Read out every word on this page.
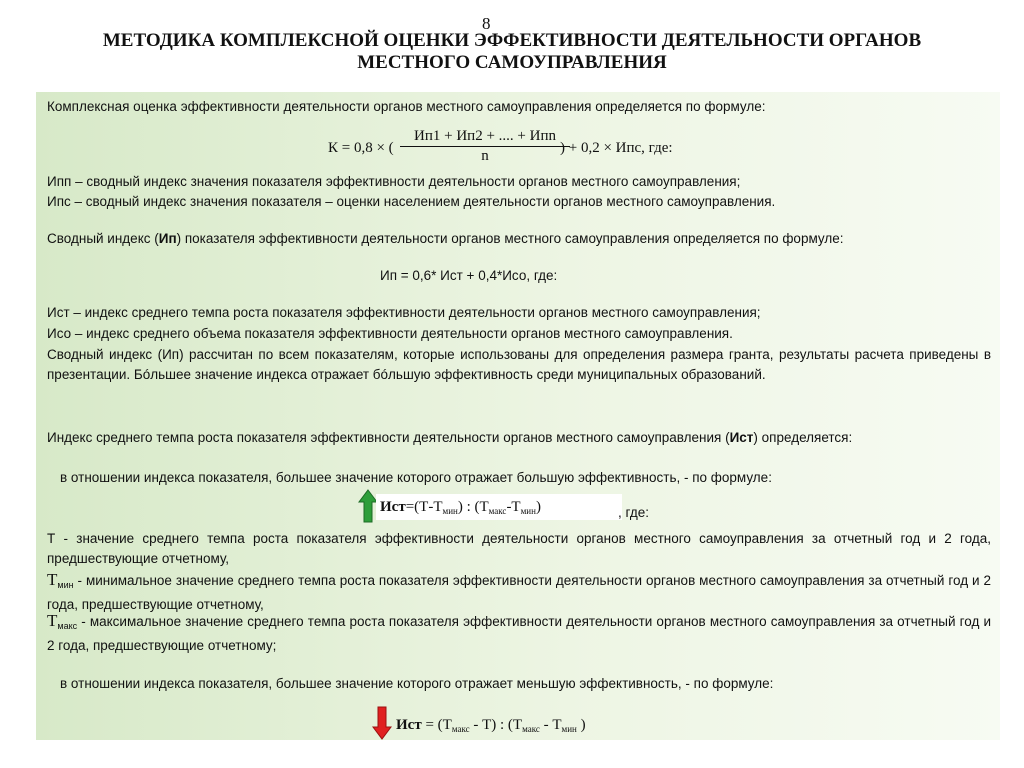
8
МЕТОДИКА КОМПЛЕКСНОЙ ОЦЕНКИ ЭФФЕКТИВНОСТИ ДЕЯТЕЛЬНОСТИ ОРГАНОВ
МЕСТНОГО САМОУПРАВЛЕНИЯ
Комплексная оценка эффективности деятельности органов местного самоуправления определяется по формуле:
К = 0,8 × (
Ип1 + Ип2 + .... + Ипn
n	) + 0,2 × Ипс, где:
Ипп – сводный индекс значения показателя эффективности деятельности органов местного самоуправления;
Ипс – сводный индекс значения показателя – оценки населением деятельности органов местного самоуправления.
Сводный индекс (Ип) показателя эффективности деятельности органов местного самоуправления определяется по формуле:
Ип = 0,6* Ист + 0,4*Исо, где:
Ист – индекс среднего темпа роста показателя эффективности деятельности органов местного самоуправления;
Исо – индекс среднего объема показателя эффективности деятельности органов местного самоуправления.
Сводный индекс (Ип) рассчитан по всем показателям, которые использованы для определения размера гранта, результаты расчета приведены в презентации. Бóльшее значение индекса отражает бóльшую эффективность среди муниципальных образований.
Индекс среднего темпа роста показателя эффективности деятельности органов местного самоуправления (Ист) определяется:
в отношении индекса показателя, большее значение которого отражает большую эффективность, - по формуле:
$Ист=(Т-Т_{мин})$ : $(Т_{макс}-Т_{мин})$	, где:
Т - значение среднего темпа роста показателя эффективности деятельности органов местного самоуправления за отчетный год и 2 года, предшествующие отчетному,
$Т_{мин}$ - минимальное значение среднего темпа роста показателя эффективности деятельности органов местного самоуправления за отчетный год и 2 года, предшествующие отчетному,
$Т_{макс}$ - максимальное значение среднего темпа роста показателя эффективности деятельности органов местного самоуправления за отчетный год и 2 года, предшествующие отчетному;
в отношении индекса показателя, большее значение которого отражает меньшую эффективность, - по формуле:
Ист = $(Т_{макс} - Т)$ : ($Т_{макс} - Т_{мин}$ )
